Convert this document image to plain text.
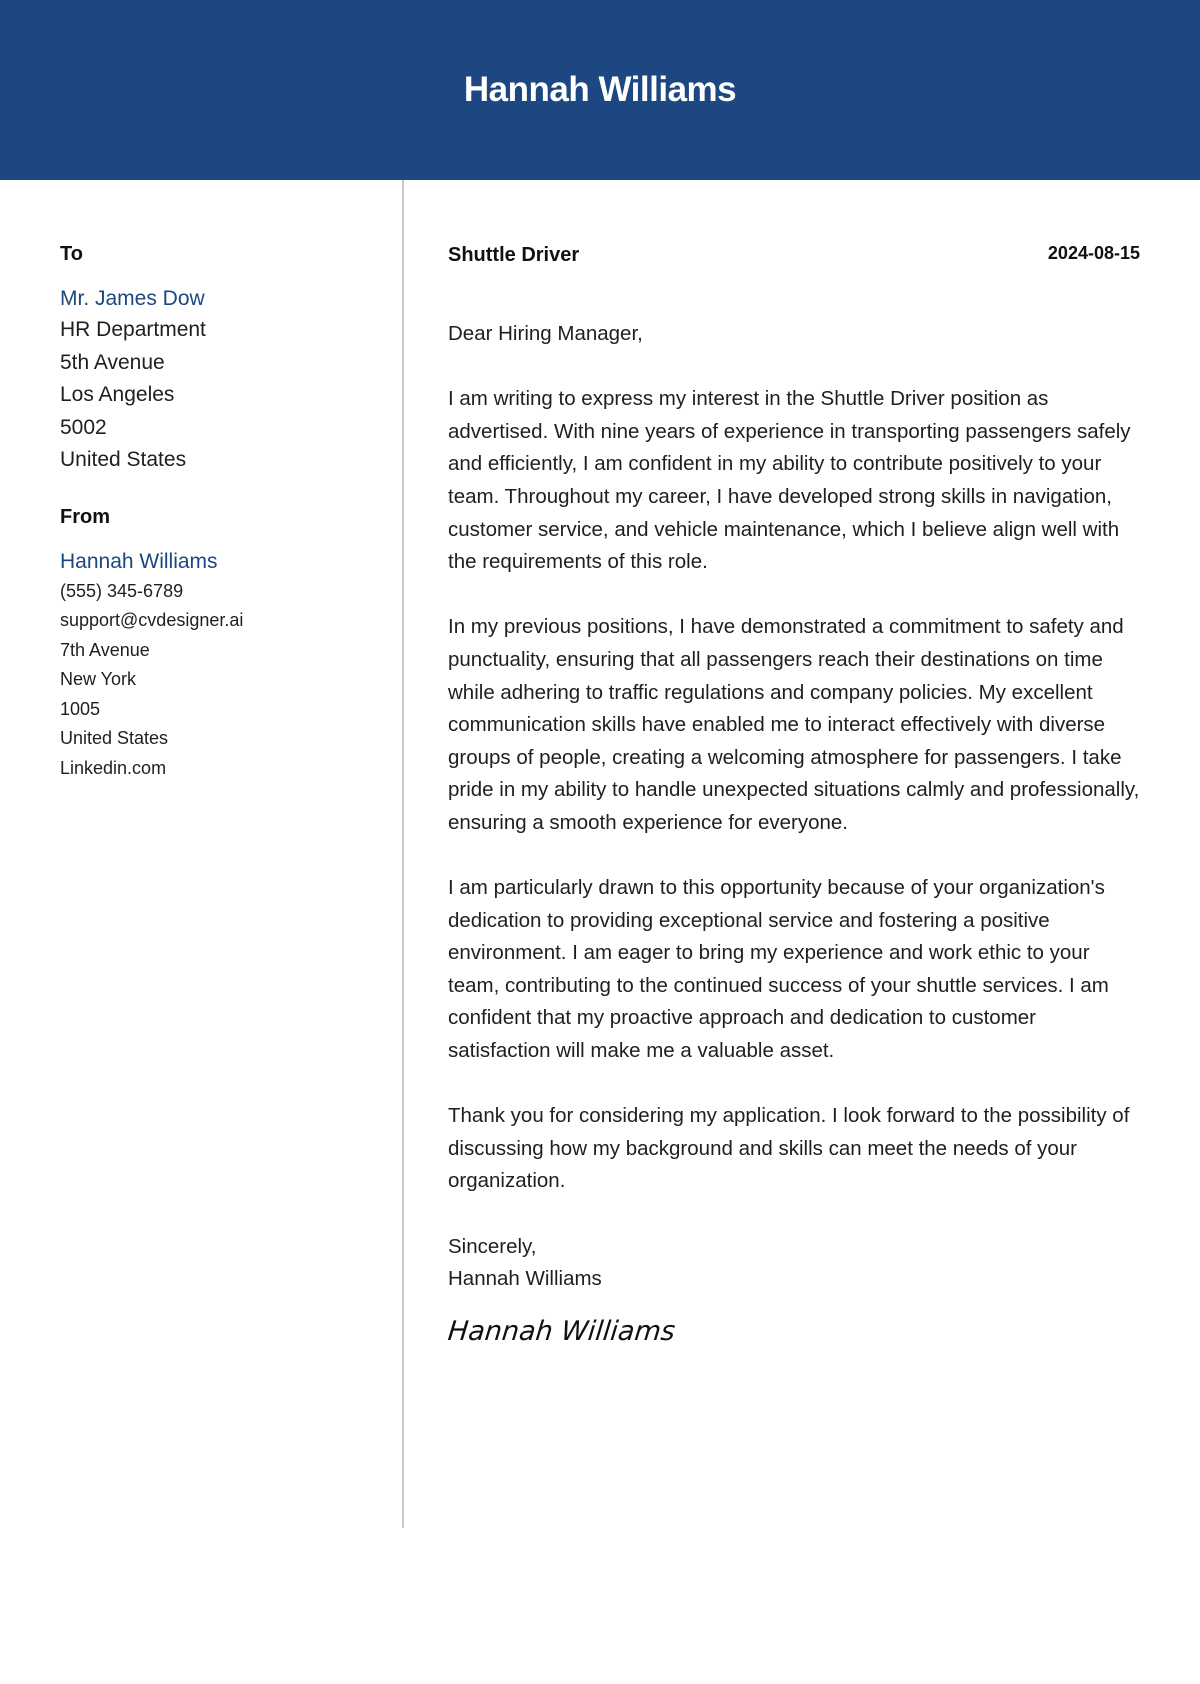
Hannah Williams
To
Mr. James Dow
HR Department
5th Avenue
Los Angeles
5002
United States
From
Hannah Williams
(555) 345-6789
support@cvdesigner.ai
7th Avenue
New York
1005
United States
Linkedin.com
Shuttle Driver	2024-08-15
Dear Hiring Manager,
I am writing to express my interest in the Shuttle Driver position as advertised. With nine years of experience in transporting passengers safely and efficiently, I am confident in my ability to contribute positively to your team. Throughout my career, I have developed strong skills in navigation, customer service, and vehicle maintenance, which I believe align well with the requirements of this role.
In my previous positions, I have demonstrated a commitment to safety and punctuality, ensuring that all passengers reach their destinations on time while adhering to traffic regulations and company policies. My excellent communication skills have enabled me to interact effectively with diverse groups of people, creating a welcoming atmosphere for passengers. I take pride in my ability to handle unexpected situations calmly and professionally, ensuring a smooth experience for everyone.
I am particularly drawn to this opportunity because of your organization's dedication to providing exceptional service and fostering a positive environment. I am eager to bring my experience and work ethic to your team, contributing to the continued success of your shuttle services. I am confident that my proactive approach and dedication to customer satisfaction will make me a valuable asset.
Thank you for considering my application. I look forward to the possibility of discussing how my background and skills can meet the needs of your organization.
Sincerely,
Hannah Williams
Hannah Williams
